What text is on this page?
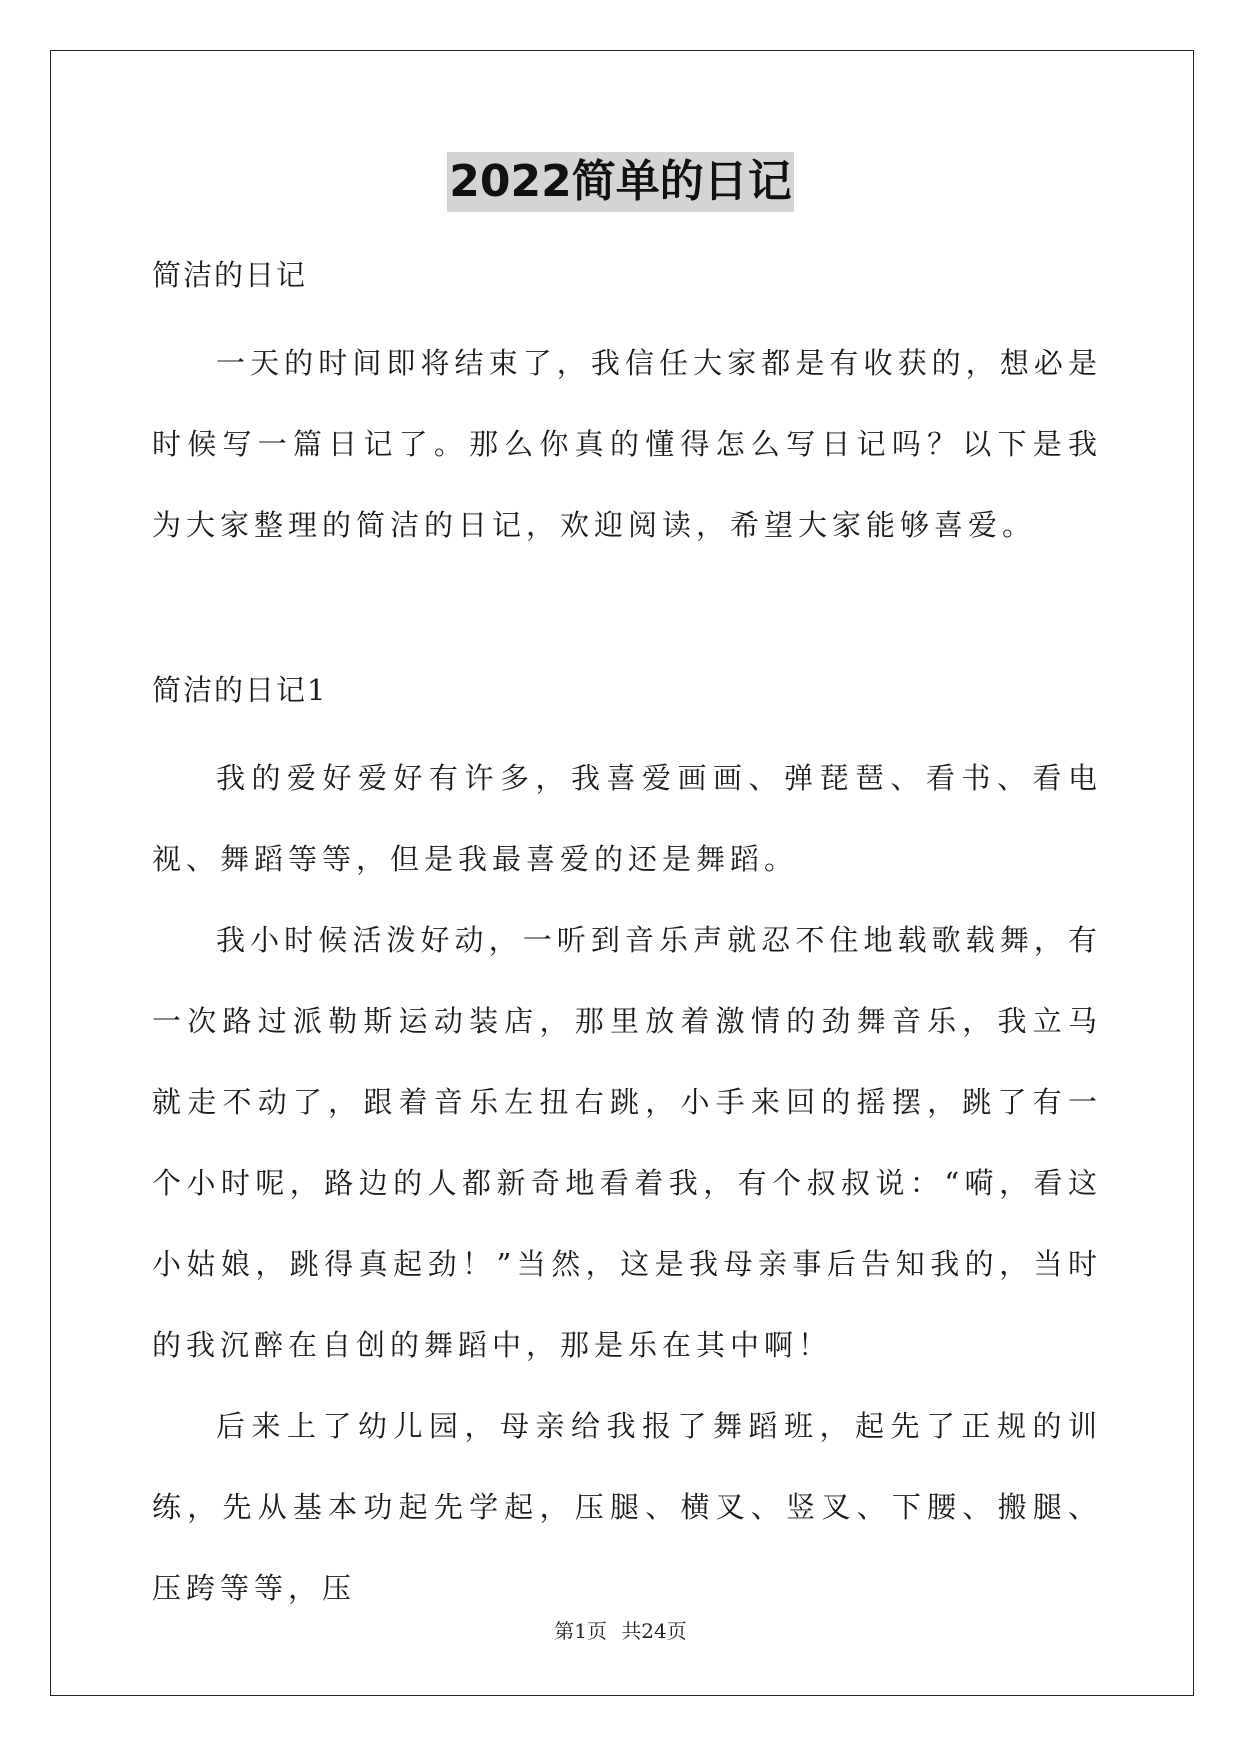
2022简单的日记

简洁的日记

一天的时间即将结束了，我信任大家都是有收获的，想必是时候写一篇日记了。那么你真的懂得怎么写日记吗？以下是我为大家整理的简洁的日记，欢迎阅读，希望大家能够喜爱。

简洁的日记1

我的爱好爱好有许多，我喜爱画画、弹琵琶、看书、看电视、舞蹈等等，但是我最喜爱的还是舞蹈。

我小时候活泼好动，一听到音乐声就忍不住地载歌载舞，有一次路过派勒斯运动装店，那里放着激情的劲舞音乐，我立马就走不动了，跟着音乐左扭右跳，小手来回的摇摆，跳了有一个小时呢，路边的人都新奇地看着我，有个叔叔说：“嗬，看这小姑娘，跳得真起劲！”当然，这是我母亲事后告知我的，当时的我沉醉在自创的舞蹈中，那是乐在其中啊！

后来上了幼儿园，母亲给我报了舞蹈班，起先了正规的训练，先从基本功起先学起，压腿、横叉、竖叉、下腰、搬腿、压跨等等，压

第1页 共24页
